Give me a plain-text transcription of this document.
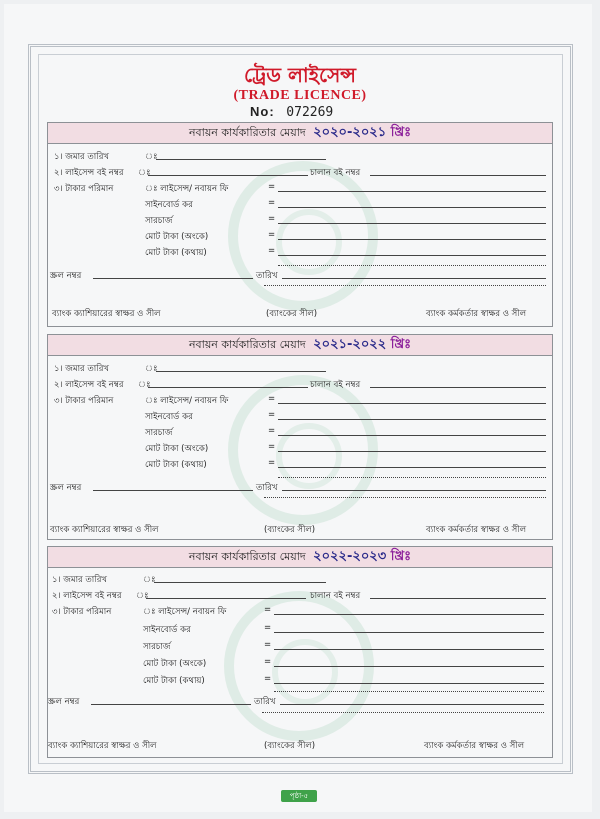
ট্রেড লাইসেন্স
(TRADE LICENCE)
No: 072269
নবায়ন কার্যকারিতার মেয়াদ ২০২০-২০২১ খ্রিঃ
১। জমার তারিখ	ঃ
২। লাইসেন্স বই নম্বর ঃ	চালান বই নম্বর
৩। টাকার পরিমান	ঃ লাইসেন্স/ নবায়ন ফি	=
সাইনবোর্ড কর	=
সারচার্জ	=
মোট টাকা (অংকে)	=
মোট টাকা (কথায়)	=
স্ক্রল নম্বর	তারিখ
ব্যাংক ক্যাশিয়ারের স্বাক্ষর ও সীল	(ব্যাংকের সীল)	ব্যাংক কর্মকর্তার স্বাক্ষর ও সীল
নবায়ন কার্যকারিতার মেয়াদ ২০২১-২০২২ খ্রিঃ
১। জমার তারিখ	ঃ
২। লাইসেন্স বই নম্বর ঃ	চালান বই নম্বর
৩। টাকার পরিমান	ঃ লাইসেন্স/ নবায়ন ফি	=
সাইনবোর্ড কর	=
সারচার্জ	=
মোট টাকা (অংকে)	=
মোট টাকা (কথায়)	=
স্ক্রল নম্বর	তারিখ
ব্যাংক ক্যাশিয়ারের স্বাক্ষর ও সীল	(ব্যাংকের সীল)	ব্যাংক কর্মকর্তার স্বাক্ষর ও সীল
নবায়ন কার্যকারিতার মেয়াদ ২০২২-২০২৩ খ্রিঃ
১। জমার তারিখ	ঃ
২। লাইসেন্স বই নম্বর ঃ	চালান বই নম্বর
৩। টাকার পরিমান	ঃ লাইসেন্স/ নবায়ন ফি	=
সাইনবোর্ড কর	=
সারচার্জ	=
মোট টাকা (অংকে)	=
মোট টাকা (কথায়)	=
স্ক্রল নম্বর	তারিখ
ব্যাংক ক্যাশিয়ারের স্বাক্ষর ও সীল	(ব্যাংকের সীল)	ব্যাংক কর্মকর্তার স্বাক্ষর ও সীল
পৃষ্ঠা-৫
